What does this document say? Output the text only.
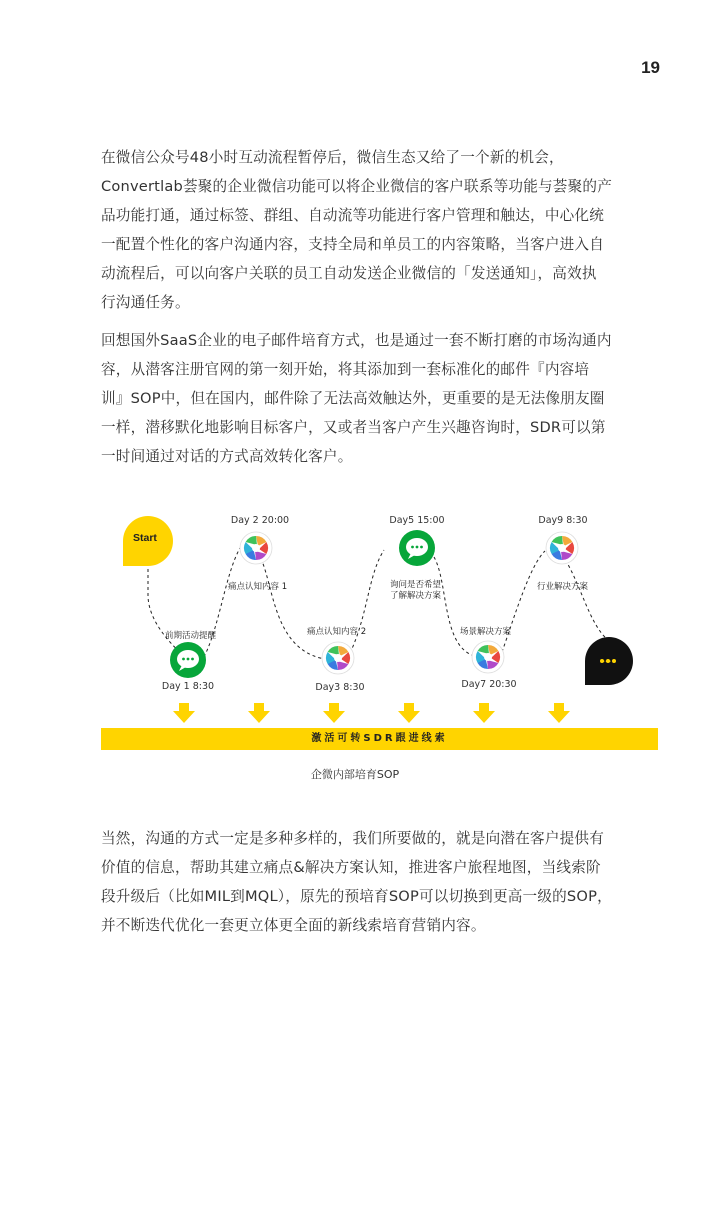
19

在微信公众号48小时互动流程暂停后，微信生态又给了一个新的机会，
Convertlab荟聚的企业微信功能可以将企业微信的客户联系等功能与荟聚的产
品功能打通，通过标签、群组、自动流等功能进行客户管理和触达，中心化统
一配置个性化的客户沟通内容，支持全局和单员工的内容策略，当客户进入自
动流程后，可以向客户关联的员工自动发送企业微信的「发送通知」，高效执
行沟通任务。

回想国外SaaS企业的电子邮件培育方式，也是通过一套不断打磨的市场沟通内
容，从潜客注册官网的第一刻开始，将其添加到一套标准化的邮件『内容培
训』SOP中，但在国内，邮件除了无法高效触达外，更重要的是无法像朋友圈
一样，潜移默化地影响目标客户，又或者当客户产生兴趣咨询时，SDR可以第
一时间通过对话的方式高效转化客户。

Start
Day 1 8:30
前期活动提醒
Day 2 20:00
痛点认知内容 1
Day3 8:30
痛点认知内容 2
Day5 15:00
询问是否希望
了解解决方案
Day7 20:30
场景解决方案
Day9 8:30
行业解决方案
...
激活可转SDR跟进线索
企微内部培育SOP

当然，沟通的方式一定是多种多样的，我们所要做的，就是向潜在客户提供有
价值的信息，帮助其建立痛点&解决方案认知，推进客户旅程地图，当线索阶
段升级后（比如MIL到MQL），原先的预培育SOP可以切换到更高一级的SOP，
并不断迭代优化一套更立体更全面的新线索培育营销内容。
